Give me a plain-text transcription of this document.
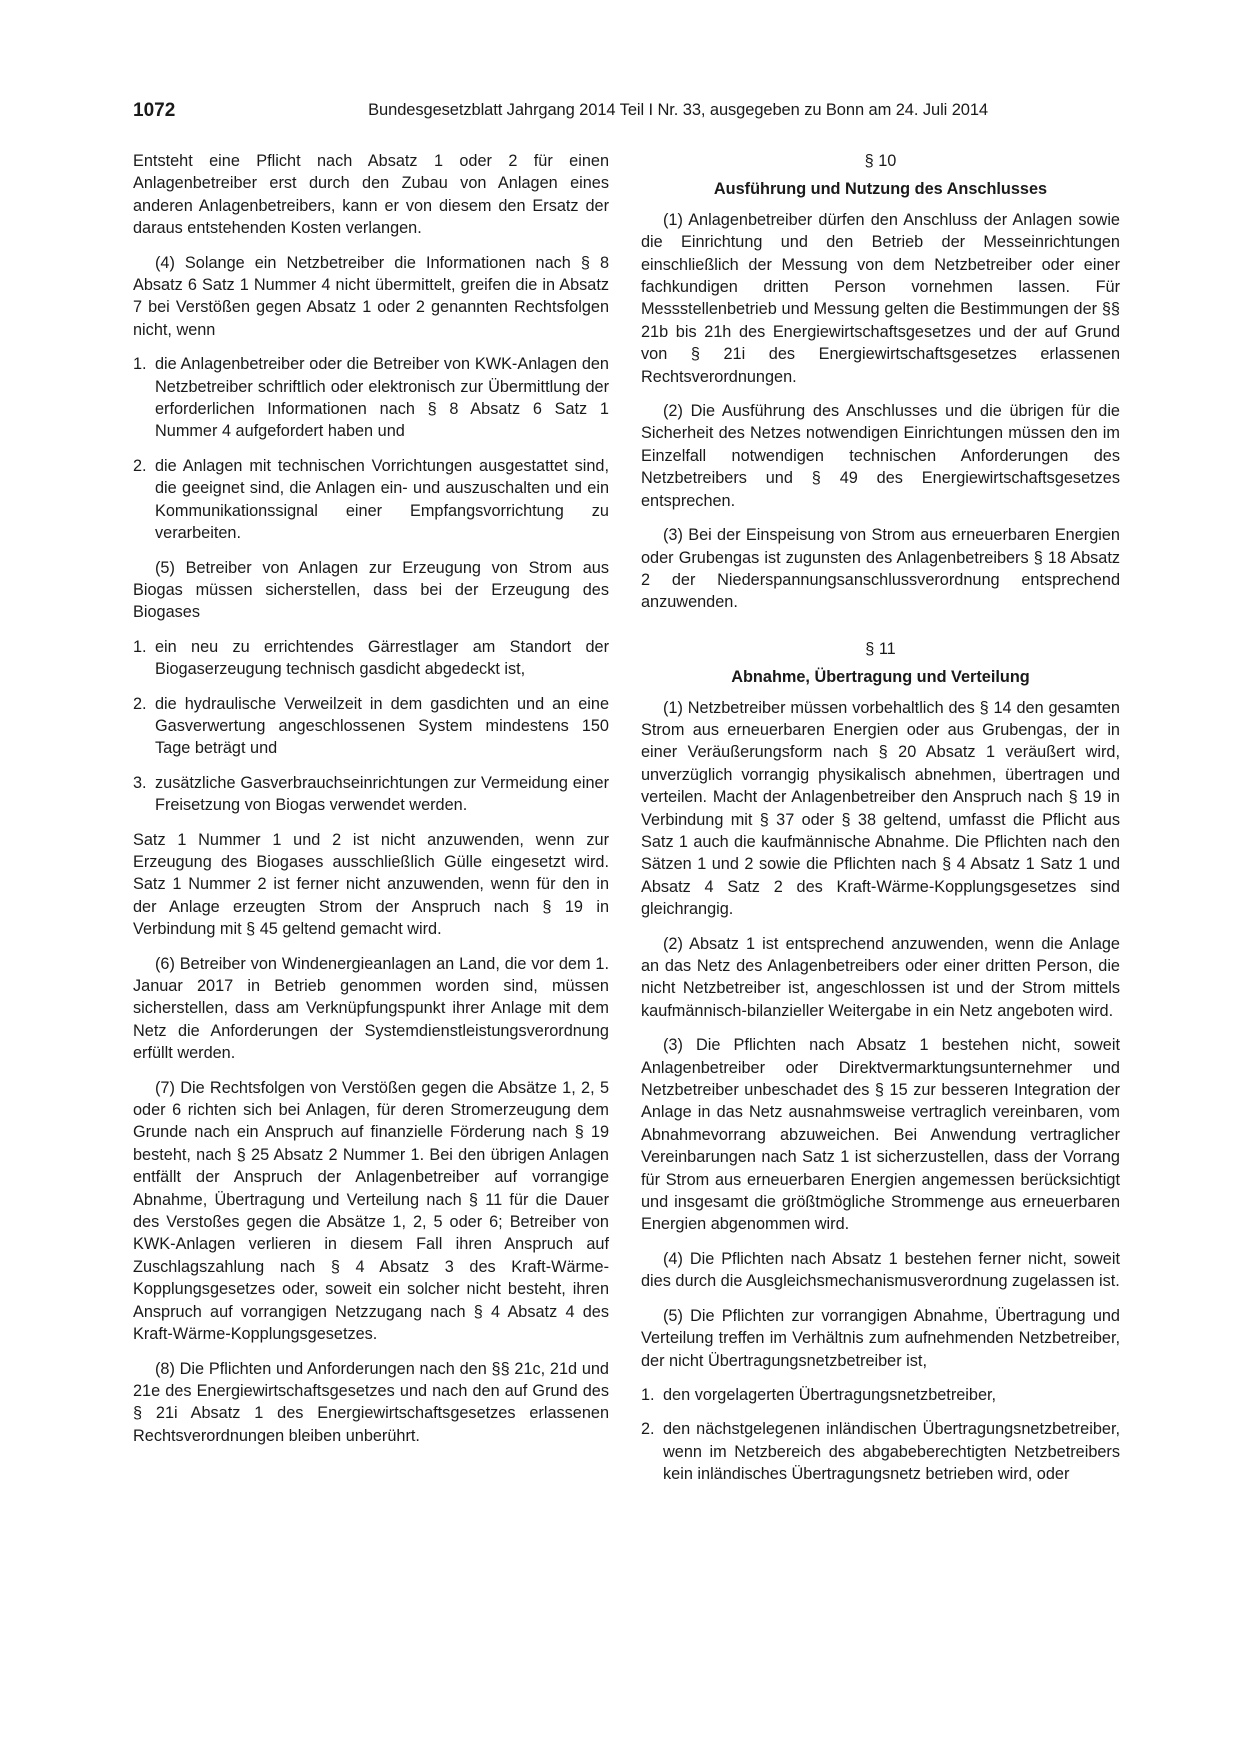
1072	Bundesgesetzblatt Jahrgang 2014 Teil I Nr. 33, ausgegeben zu Bonn am 24. Juli 2014

Entsteht eine Pflicht nach Absatz 1 oder 2 für einen Anlagenbetreiber erst durch den Zubau von Anlagen eines anderen Anlagenbetreibers, kann er von diesem den Ersatz der daraus entstehenden Kosten verlangen.

(4) Solange ein Netzbetreiber die Informationen nach § 8 Absatz 6 Satz 1 Nummer 4 nicht übermittelt, greifen die in Absatz 7 bei Verstößen gegen Absatz 1 oder 2 genannten Rechtsfolgen nicht, wenn

1. die Anlagenbetreiber oder die Betreiber von KWK-Anlagen den Netzbetreiber schriftlich oder elektronisch zur Übermittlung der erforderlichen Informationen nach § 8 Absatz 6 Satz 1 Nummer 4 aufgefordert haben und
2. die Anlagen mit technischen Vorrichtungen ausgestattet sind, die geeignet sind, die Anlagen ein- und auszuschalten und ein Kommunikationssignal einer Empfangsvorrichtung zu verarbeiten.

(5) Betreiber von Anlagen zur Erzeugung von Strom aus Biogas müssen sicherstellen, dass bei der Erzeugung des Biogases

1. ein neu zu errichtendes Gärrestlager am Standort der Biogaserzeugung technisch gasdicht abgedeckt ist,
2. die hydraulische Verweilzeit in dem gasdichten und an eine Gasverwertung angeschlossenen System mindestens 150 Tage beträgt und
3. zusätzliche Gasverbrauchseinrichtungen zur Vermeidung einer Freisetzung von Biogas verwendet werden.

Satz 1 Nummer 1 und 2 ist nicht anzuwenden, wenn zur Erzeugung des Biogases ausschließlich Gülle eingesetzt wird. Satz 1 Nummer 2 ist ferner nicht anzuwenden, wenn für den in der Anlage erzeugten Strom der Anspruch nach § 19 in Verbindung mit § 45 geltend gemacht wird.

(6) Betreiber von Windenergieanlagen an Land, die vor dem 1. Januar 2017 in Betrieb genommen worden sind, müssen sicherstellen, dass am Verknüpfungspunkt ihrer Anlage mit dem Netz die Anforderungen der Systemdienstleistungsverordnung erfüllt werden.

(7) Die Rechtsfolgen von Verstößen gegen die Absätze 1, 2, 5 oder 6 richten sich bei Anlagen, für deren Stromerzeugung dem Grunde nach ein Anspruch auf finanzielle Förderung nach § 19 besteht, nach § 25 Absatz 2 Nummer 1. Bei den übrigen Anlagen entfällt der Anspruch der Anlagenbetreiber auf vorrangige Abnahme, Übertragung und Verteilung nach § 11 für die Dauer des Verstoßes gegen die Absätze 1, 2, 5 oder 6; Betreiber von KWK-Anlagen verlieren in diesem Fall ihren Anspruch auf Zuschlagszahlung nach § 4 Absatz 3 des Kraft-Wärme-Kopplungsgesetzes oder, soweit ein solcher nicht besteht, ihren Anspruch auf vorrangigen Netzzugang nach § 4 Absatz 4 des Kraft-Wärme-Kopplungsgesetzes.

(8) Die Pflichten und Anforderungen nach den §§ 21c, 21d und 21e des Energiewirtschaftsgesetzes und nach den auf Grund des § 21i Absatz 1 des Energiewirtschaftsgesetzes erlassenen Rechtsverordnungen bleiben unberührt.

§ 10
Ausführung und Nutzung des Anschlusses

(1) Anlagenbetreiber dürfen den Anschluss der Anlagen sowie die Einrichtung und den Betrieb der Messeinrichtungen einschließlich der Messung von dem Netzbetreiber oder einer fachkundigen dritten Person vornehmen lassen. Für Messstellenbetrieb und Messung gelten die Bestimmungen der §§ 21b bis 21h des Energiewirtschaftsgesetzes und der auf Grund von § 21i des Energiewirtschaftsgesetzes erlassenen Rechtsverordnungen.

(2) Die Ausführung des Anschlusses und die übrigen für die Sicherheit des Netzes notwendigen Einrichtungen müssen den im Einzelfall notwendigen technischen Anforderungen des Netzbetreibers und § 49 des Energiewirtschaftsgesetzes entsprechen.

(3) Bei der Einspeisung von Strom aus erneuerbaren Energien oder Grubengas ist zugunsten des Anlagenbetreibers § 18 Absatz 2 der Niederspannungsanschlussverordnung entsprechend anzuwenden.

§ 11
Abnahme, Übertragung und Verteilung

(1) Netzbetreiber müssen vorbehaltlich des § 14 den gesamten Strom aus erneuerbaren Energien oder aus Grubengas, der in einer Veräußerungsform nach § 20 Absatz 1 veräußert wird, unverzüglich vorrangig physikalisch abnehmen, übertragen und verteilen. Macht der Anlagenbetreiber den Anspruch nach § 19 in Verbindung mit § 37 oder § 38 geltend, umfasst die Pflicht aus Satz 1 auch die kaufmännische Abnahme. Die Pflichten nach den Sätzen 1 und 2 sowie die Pflichten nach § 4 Absatz 1 Satz 1 und Absatz 4 Satz 2 des Kraft-Wärme-Kopplungsgesetzes sind gleichrangig.

(2) Absatz 1 ist entsprechend anzuwenden, wenn die Anlage an das Netz des Anlagenbetreibers oder einer dritten Person, die nicht Netzbetreiber ist, angeschlossen ist und der Strom mittels kaufmännisch-bilanzieller Weitergabe in ein Netz angeboten wird.

(3) Die Pflichten nach Absatz 1 bestehen nicht, soweit Anlagenbetreiber oder Direktvermarktungsunternehmer und Netzbetreiber unbeschadet des § 15 zur besseren Integration der Anlage in das Netz ausnahmsweise vertraglich vereinbaren, vom Abnahmevorrang abzuweichen. Bei Anwendung vertraglicher Vereinbarungen nach Satz 1 ist sicherzustellen, dass der Vorrang für Strom aus erneuerbaren Energien angemessen berücksichtigt und insgesamt die größtmögliche Strommenge aus erneuerbaren Energien abgenommen wird.

(4) Die Pflichten nach Absatz 1 bestehen ferner nicht, soweit dies durch die Ausgleichsmechanismusverordnung zugelassen ist.

(5) Die Pflichten zur vorrangigen Abnahme, Übertragung und Verteilung treffen im Verhältnis zum aufnehmenden Netzbetreiber, der nicht Übertragungsnetzbetreiber ist,

1. den vorgelagerten Übertragungsnetzbetreiber,
2. den nächstgelegenen inländischen Übertragungsnetzbetreiber, wenn im Netzbereich des abgabeberechtigten Netzbetreibers kein inländisches Übertragungsnetz betrieben wird, oder
